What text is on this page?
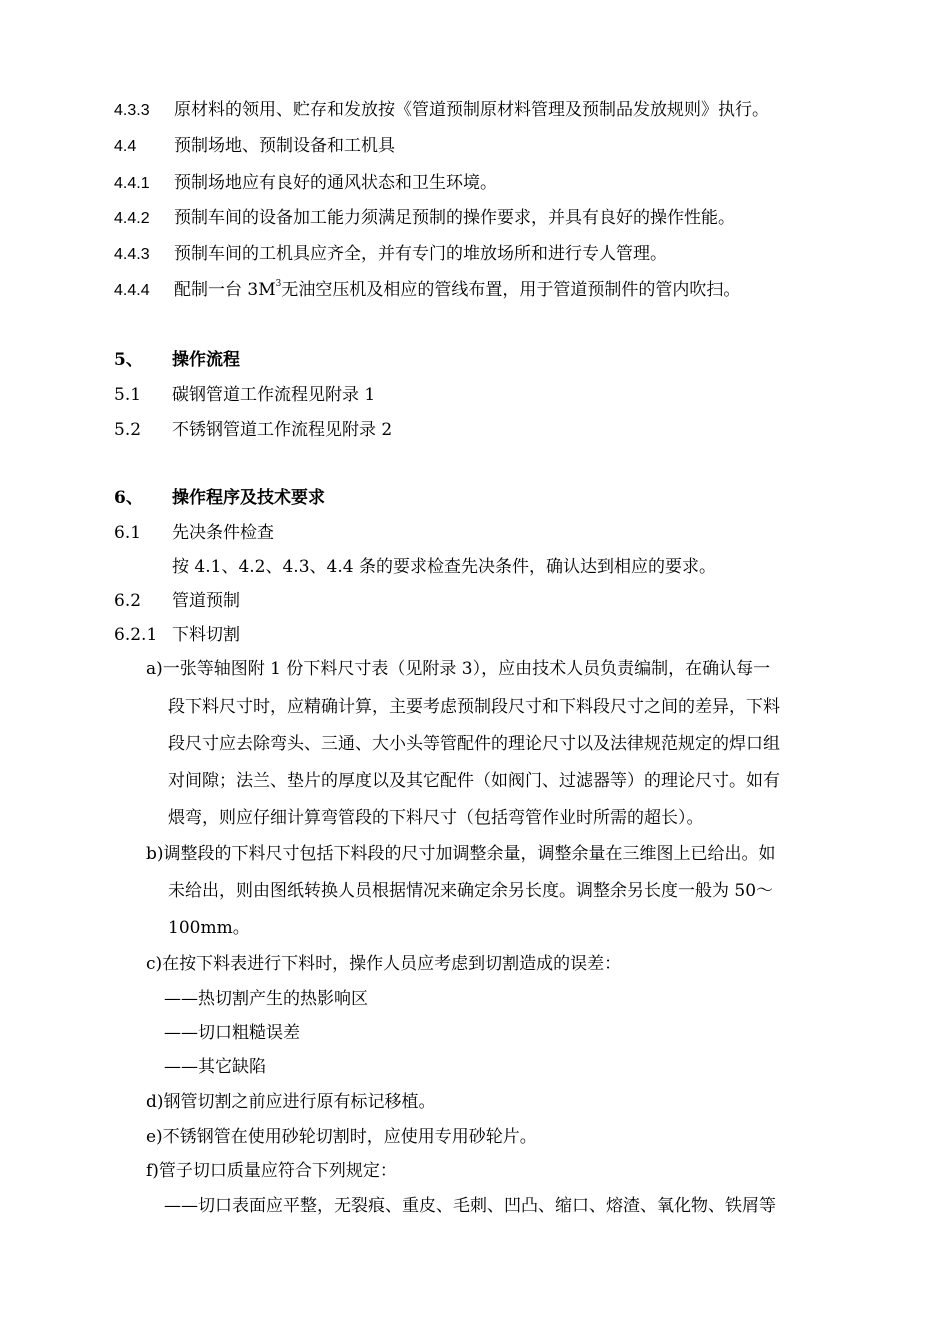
4.3.3 原材料的领用、贮存和发放按《管道预制原材料管理及预制品发放规则》执行。
4.4 预制场地、预制设备和工机具
4.4.1 预制场地应有良好的通风状态和卫生环境。
4.4.2 预制车间的设备加工能力须满足预制的操作要求，并具有良好的操作性能。
4.4.3 预制车间的工机具应齐全，并有专门的堆放场所和进行专人管理。
4.4.4 配制一台 $3M^3$无油空压机及相应的管线布置，用于管道预制件的管内吹扫。
5、 操作流程
5.1 碳钢管道工作流程见附录 1
5.2 不锈钢管道工作流程见附录 2
6、 操作程序及技术要求
6.1 先决条件检查
按 4.1、4.2、4.3、4.4 条的要求检查先决条件，确认达到相应的要求。
6.2 管道预制
6.2.1 下料切割
a)一张等轴图附 1 份下料尺寸表（见附录 3），应由技术人员负责编制，在确认每一
段下料尺寸时，应精确计算，主要考虑预制段尺寸和下料段尺寸之间的差异，下料
段尺寸应去除弯头、三通、大小头等管配件的理论尺寸以及法律规范规定的焊口组
对间隙；法兰、垫片的厚度以及其它配件（如阀门、过滤器等）的理论尺寸。如有
煨弯，则应仔细计算弯管段的下料尺寸（包括弯管作业时所需的超长）。
b)调整段的下料尺寸包括下料段的尺寸加调整余量，调整余量在三维图上已给出。如
未给出，则由图纸转换人员根据情况来确定余另长度。调整余另长度一般为 50～
100mm。
c)在按下料表进行下料时，操作人员应考虑到切割造成的误差：
——热切割产生的热影响区
——切口粗糙误差
——其它缺陷
d)钢管切割之前应进行原有标记移植。
e)不锈钢管在使用砂轮切割时，应使用专用砂轮片。
f)管子切口质量应符合下列规定：
——切口表面应平整，无裂痕、重皮、毛刺、凹凸、缩口、熔渣、氧化物、铁屑等
